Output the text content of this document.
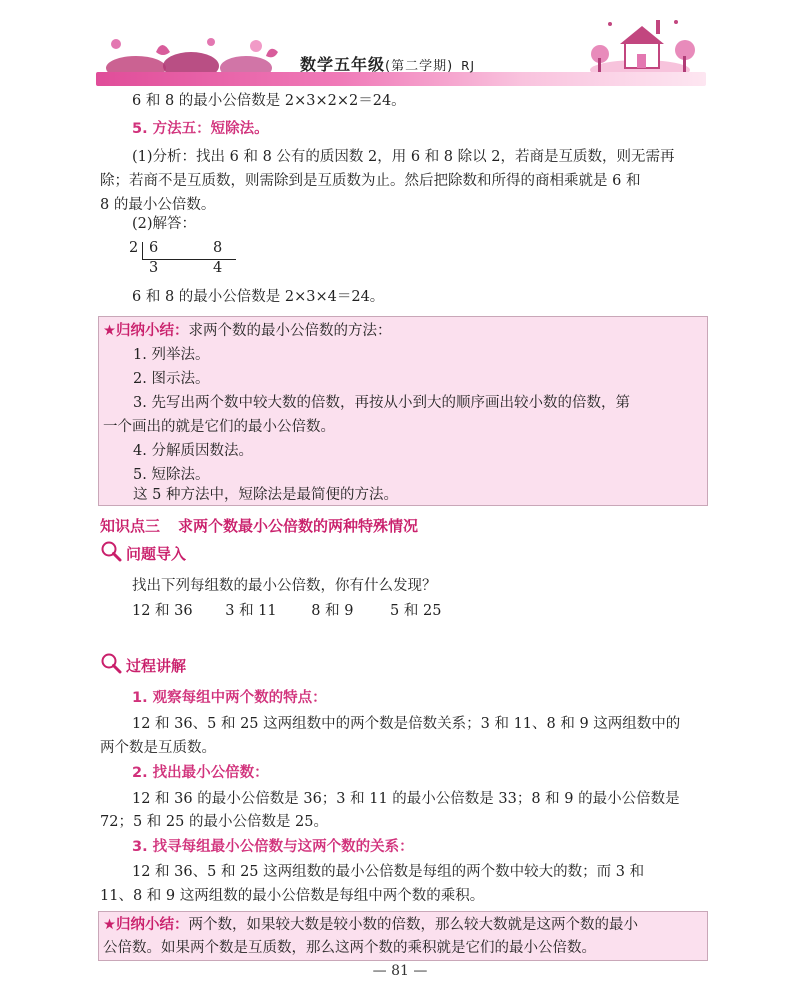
数学五年级(第二学期) RJ
6 和 8 的最小公倍数是 2×3×2×2＝24。
5. 方法五：短除法。
(1)分析：找出 6 和 8 公有的质因数 2，用 6 和 8 除以 2，若商是互质数，则无需再
除；若商不是互质数，则需除到是互质数为止。然后把除数和所得的商相乘就是 6 和
8 的最小公倍数。
(2)解答：
2 6	8
3	4
6 和 8 的最小公倍数是 2×3×4＝24。
★归纳小结：求两个数的最小公倍数的方法：
1. 列举法。
2. 图示法。
3. 先写出两个数中较大数的倍数，再按从小到大的顺序画出较小数的倍数，第
一个画出的就是它们的最小公倍数。
4. 分解质因数法。
5. 短除法。
这 5 种方法中，短除法是最简便的方法。
知识点三 求两个数最小公倍数的两种特殊情况
问题导入
找出下列每组数的最小公倍数，你有什么发现？
12 和 36 3 和 11 8 和 9	5 和 25
过程讲解
1. 观察每组中两个数的特点：
12 和 36、5 和 25 这两组数中的两个数是倍数关系；3 和 11、8 和 9 这两组数中的
两个数是互质数。
2. 找出最小公倍数：
12 和 36 的最小公倍数是 36；3 和 11 的最小公倍数是 33；8 和 9 的最小公倍数是
72；5 和 25 的最小公倍数是 25。
3. 找寻每组最小公倍数与这两个数的关系：
12 和 36、5 和 25 这两组数的最小公倍数是每组的两个数中较大的数；而 3 和
11、8 和 9 这两组数的最小公倍数是每组中两个数的乘积。
★归纳小结：两个数，如果较大数是较小数的倍数，那么较大数就是这两个数的最小
公倍数。如果两个数是互质数，那么这两个数的乘积就是它们的最小公倍数。
— 81 —
